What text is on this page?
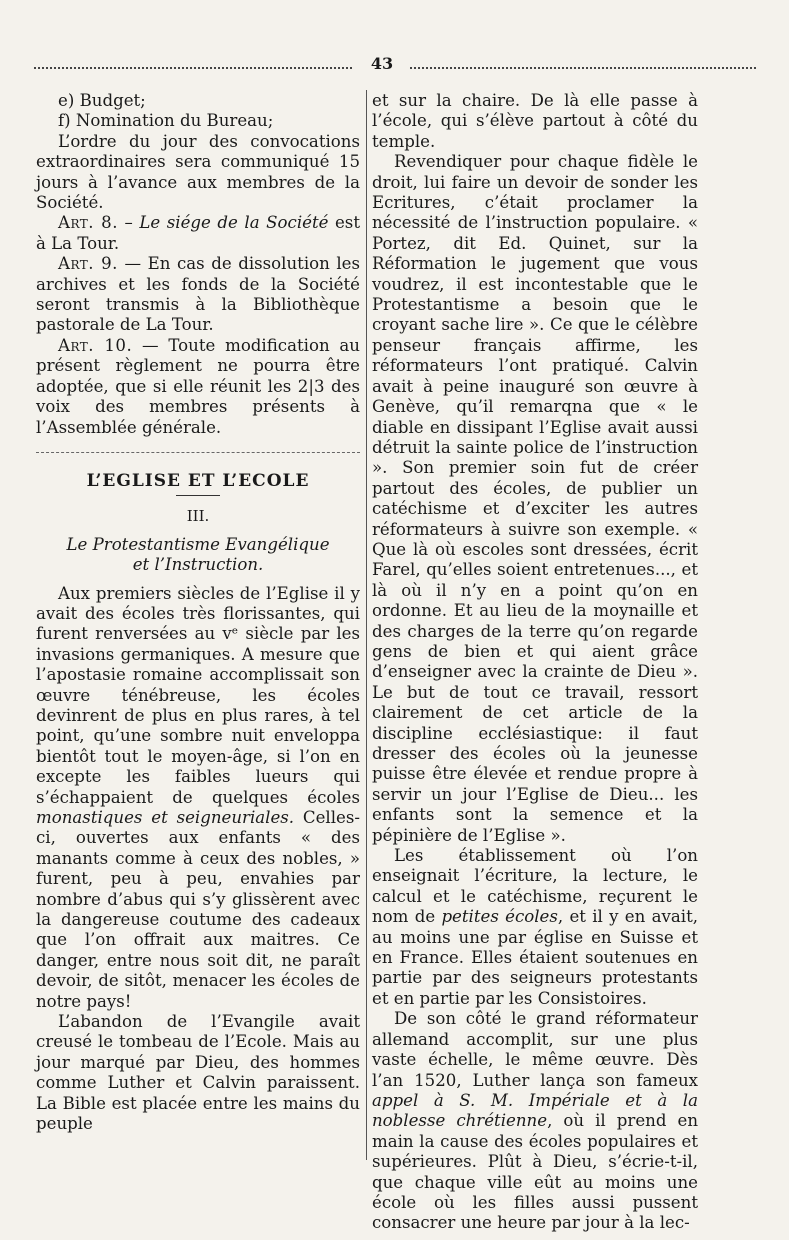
43

e) Budget;

f) Nomination du Bureau;

L’ordre du jour des convocations extraordinaires sera communiqué 15 jours à l’avance aux membres de la Société.

Art. 8. – Le siége de la Société est à La Tour.

Art. 9. — En cas de dissolution les archives et les fonds de la Société seront transmis à la Bibliothèque pastorale de La Tour.

Art. 10. — Toute modification au présent règlement ne pourra être adoptée, que si elle réunit les 2|3 des voix des membres présents à l’Assemblée générale.

L’EGLISE ET L’ECOLE
III.
Le Protestantisme Evangélique
et l’Instruction.

Aux premiers siècles de l’Eglise il y avait des écoles très florissantes, qui furent renversées au vᵉ siècle par les invasions germaniques. A mesure que l’apostasie romaine accomplissait son œuvre ténébreuse, les écoles devinrent de plus en plus rares, à tel point, qu’une sombre nuit enveloppa bientôt tout le moyen-âge, si l’on en excepte les faibles lueurs qui s’échappaient de quelques écoles monastiques et seigneuriales. Celles-ci, ouvertes aux enfants « des manants comme à ceux des nobles, » furent, peu à peu, envahies par nombre d’abus qui s’y glissèrent avec la dangereuse coutume des cadeaux que l’on offrait aux maitres. Ce danger, entre nous soit dit, ne paraît devoir, de sitôt, menacer les écoles de notre pays!

L’abandon de l’Evangile avait creusé le tombeau de l’Ecole. Mais au jour marqué par Dieu, des hommes comme Luther et Calvin paraissent. La Bible est placée entre les mains du peuple

et sur la chaire. De là elle passe à l’école, qui s’élève partout à côté du temple.

Revendiquer pour chaque fidèle le droit, lui faire un devoir de sonder les Ecritures, c’était proclamer la nécessité de l’instruction populaire. « Portez, dit Ed. Quinet, sur la Réformation le jugement que vous voudrez, il est incontestable que le Protestantisme a besoin que le croyant sache lire ». Ce que le célèbre penseur français affirme, les réformateurs l’ont pratiqué. Calvin avait à peine inauguré son œuvre à Genève, qu’il remarqna que « le diable en dissipant l’Eglise avait aussi détruit la sainte police de l’instruction ». Son premier soin fut de créer partout des écoles, de publier un catéchisme et d’exciter les autres réformateurs à suivre son exemple. « Que là où escoles sont dressées, écrit Farel, qu’elles soient entretenues..., et là où il n’y en a point qu’on en ordonne. Et au lieu de la moynaille et des charges de la terre qu’on regarde gens de bien et qui aient grâce d’enseigner avec la crainte de Dieu ». Le but de tout ce travail, ressort clairement de cet article de la discipline ecclésiastique: il faut dresser des écoles où la jeunesse puisse être élevée et rendue propre à servir un jour l’Eglise de Dieu... les enfants sont la semence et la pépinière de l’Eglise ».

Les établissement où l’on enseignait l’écriture, la lecture, le calcul et le catéchisme, reçurent le nom de petites écoles, et il y en avait, au moins une par église en Suisse et en France. Elles étaient soutenues en partie par des seigneurs protestants et en partie par les Consistoires.

De son côté le grand réformateur allemand accomplit, sur une plus vaste échelle, le même œuvre. Dès l’an 1520, Luther lança son fameux appel à S. M. Impériale et à la noblesse chrétienne, où il prend en main la cause des écoles populaires et supérieures. Plût à Dieu, s’écrie-t-il, que chaque ville eût au moins une école où les filles aussi pussent consacrer une heure par jour à la lec-
